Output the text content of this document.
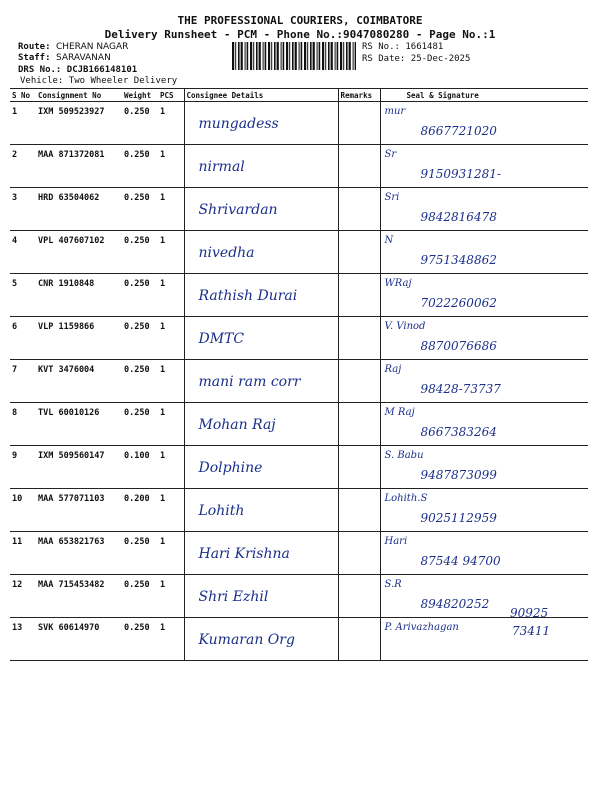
THE PROFESSIONAL COURIERS, COIMBATORE
Delivery Runsheet - PCM - Phone No.:9047080280 - Page No.:1
Route: CHERAN NAGAR
Staff: SARAVANAN
DRS No.: DCJB166148101
Vehicle: Two Wheeler Delivery
RS No.: 1661481
RS Date: 25-Dec-2025
S No	Consignment No	Weight	PCS	Consignee Details	Remarks	Seal & Signature
1	IXM 509523927	0.250	1	mungadess		mur
8667721020

2	MAA 871372081	0.250	1	nirmal		Sr
9150931281-

3	HRD 63504062	0.250	1	Shrivardan		Sri
9842816478

4	VPL 407607102	0.250	1	nivedha		N
9751348862

5	CNR 1910848	0.250	1	Rathish Durai		WRaj
7022260062

6	VLP 1159866	0.250	1	DMTC		V. Vinod
8870076686

7	KVT 3476004	0.250	1	mani ram corr		Raj
98428-73737

8	TVL 60010126	0.250	1	Mohan Raj		M Raj
8667383264

9	IXM 509560147	0.100	1	Dolphine		S. Babu
9487873099

10	MAA 577071103	0.200	1	Lohith		Lohith.S
9025112959

11	MAA 653821763	0.250	1	Hari Krishna		Hari
87544 94700

12	MAA 715453482	0.250	1	Shri Ezhil		S.R
894820252

13	SVK 60614970	0.250	1	Kumaran Org		P. Arivazhagan
90925
73411
